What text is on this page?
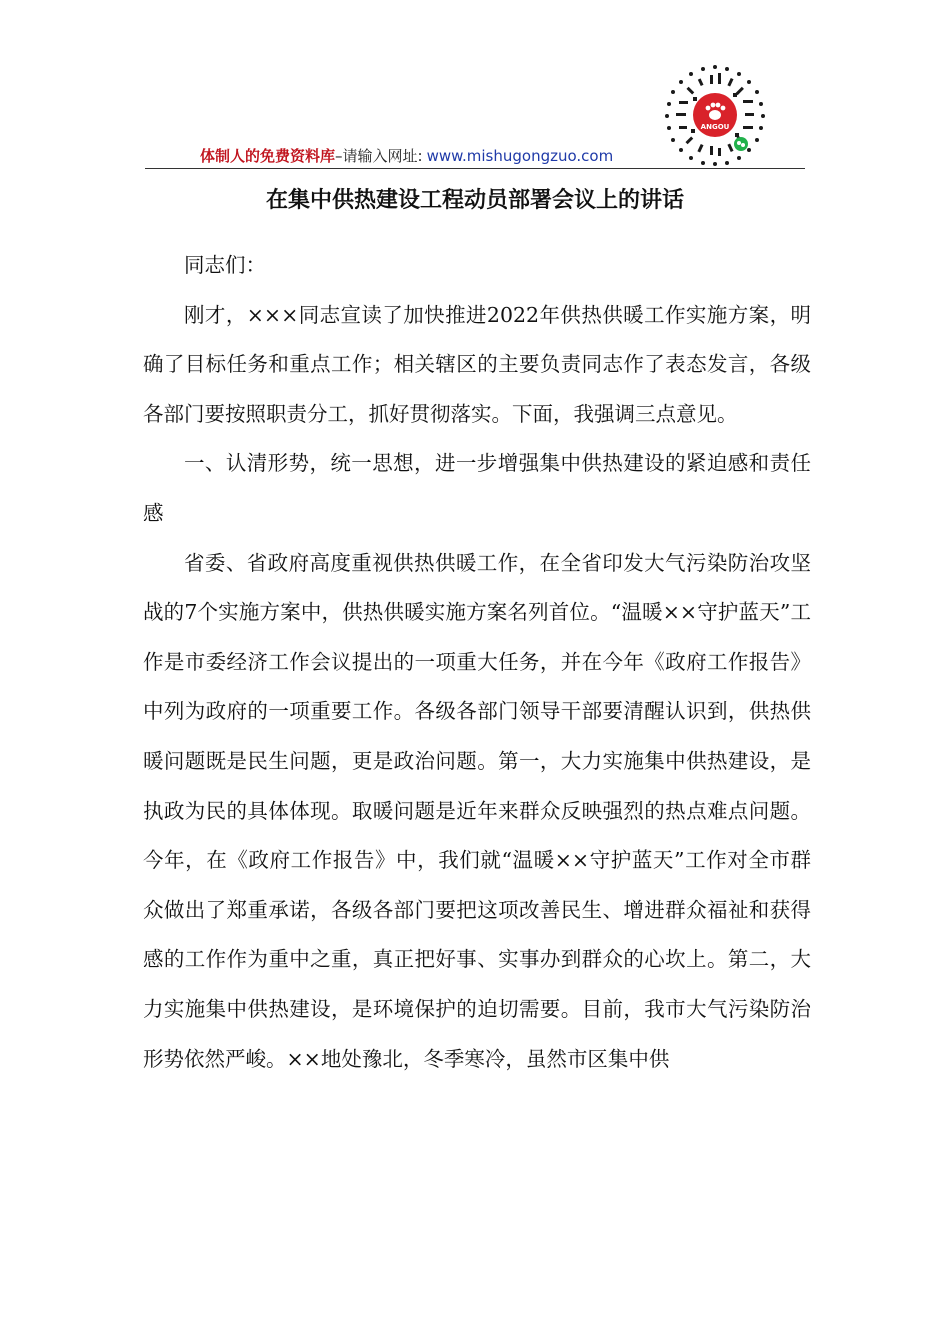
体制人的免费资料库–请输入网址: www.mishugongzuo.com
ANGOU
在集中供热建设工程动员部署会议上的讲话

同志们：

刚才，×××同志宣读了加快推进2022年供热供暖工作实施方案，明确了目标任务和重点工作；相关辖区的主要负责同志作了表态发言，各级各部门要按照职责分工，抓好贯彻落实。下面，我强调三点意见。

一、认清形势，统一思想，进一步增强集中供热建设的紧迫感和责任感

省委、省政府高度重视供热供暖工作，在全省印发大气污染防治攻坚战的7个实施方案中，供热供暖实施方案名列首位。“温暖××守护蓝天”工作是市委经济工作会议提出的一项重大任务，并在今年《政府工作报告》中列为政府的一项重要工作。各级各部门领导干部要清醒认识到，供热供暖问题既是民生问题，更是政治问题。第一，大力实施集中供热建设，是执政为民的具体体现。取暖问题是近年来群众反映强烈的热点难点问题。今年，在《政府工作报告》中，我们就“温暖××守护蓝天”工作对全市群众做出了郑重承诺，各级各部门要把这项改善民生、增进群众福祉和获得感的工作作为重中之重，真正把好事、实事办到群众的心坎上。第二，大力实施集中供热建设，是环境保护的迫切需要。目前，我市大气污染防治形势依然严峻。××地处豫北，冬季寒冷，虽然市区集中供
